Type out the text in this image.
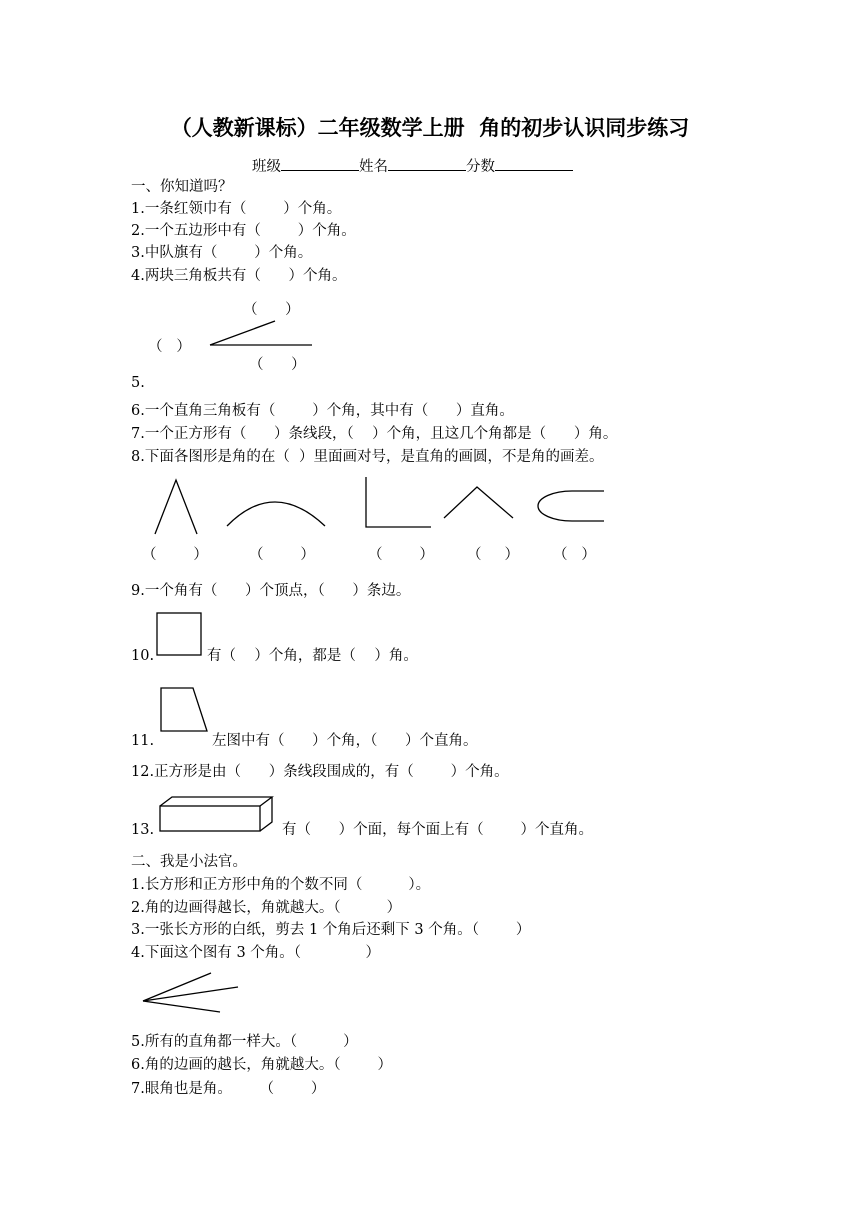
（人教新课标）二年级数学上册  角的初步认识同步练习
班级	姓名	分数
一、你知道吗？
1.一条红领巾有（        ）个角。
2.一个五边形中有（        ）个角。
3.中队旗有（        ）个角。
4.两块三角板共有（      ）个角。
（      ）
（   ）
（      ）
5.
6.一个直角三角板有（        ）个角，其中有（      ）直角。
7.一个正方形有（      ）条线段，（    ）个角，且这几个角都是（      ）角。
8.下面各图形是角的在（  ）里面画对号，是直角的画圆，不是角的画差。
（        ）	（        ）	（        ） （     ） （   ）
9.一个角有（      ）个顶点，（      ）条边。
10.	有（    ）个角，都是（    ）角。
11.	左图中有（      ）个角，（      ）个直角。
12.正方形是由（      ）条线段围成的，有（        ）个角。
13.	有（      ）个面，每个面上有（        ）个直角。
二、我是小法官。
1.长方形和正方形中角的个数不同（          ）。
2.角的边画得越长，角就越大。（          ）
3.一张长方形的白纸，剪去 1 个角后还剩下 3 个角。（        ）
4.下面这个图有 3 个角。（              ）
5.所有的直角都一样大。（          ）
6.角的边画的越长，角就越大。（        ）
7.眼角也是角。      （        ）
